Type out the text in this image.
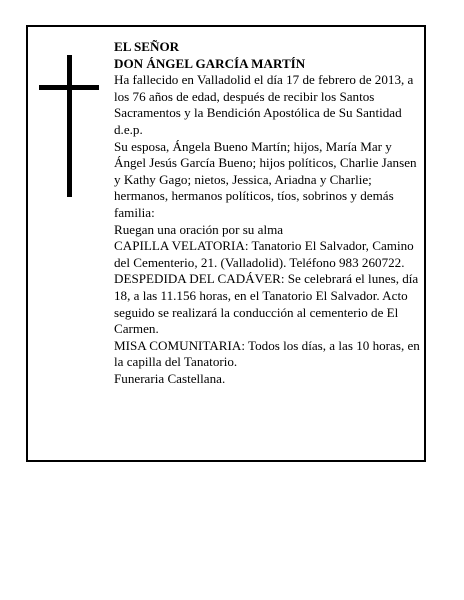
EL SEÑOR

DON ÁNGEL GARCÍA MARTÍN

Ha fallecido en Valladolid el día 17 de febrero de 2013, a los 76 años de edad, después de recibir los Santos Sacramentos y la Bendición Apostólica de Su Santidad d.e.p.

Su esposa, Ángela Bueno Martín; hijos, María Mar y Ángel Jesús García Bueno; hijos políticos, Charlie Jansen y Kathy Gago; nietos, Jessica, Ariadna y Charlie; hermanos, hermanos políticos, tíos, sobrinos y demás familia:

Ruegan una oración por su alma

CAPILLA VELATORIA: Tanatorio El Salvador, Camino del Cementerio, 21. (Valladolid). Teléfono 983 260722.

DESPEDIDA DEL CADÁVER: Se celebrará el lunes, día 18, a las 11.156 horas, en el Tanatorio El Salvador. Acto seguido se realizará la conducción al cementerio de El Carmen.

MISA COMUNITARIA: Todos los días, a las 10 horas, en la capilla del Tanatorio.

Funeraria Castellana.
